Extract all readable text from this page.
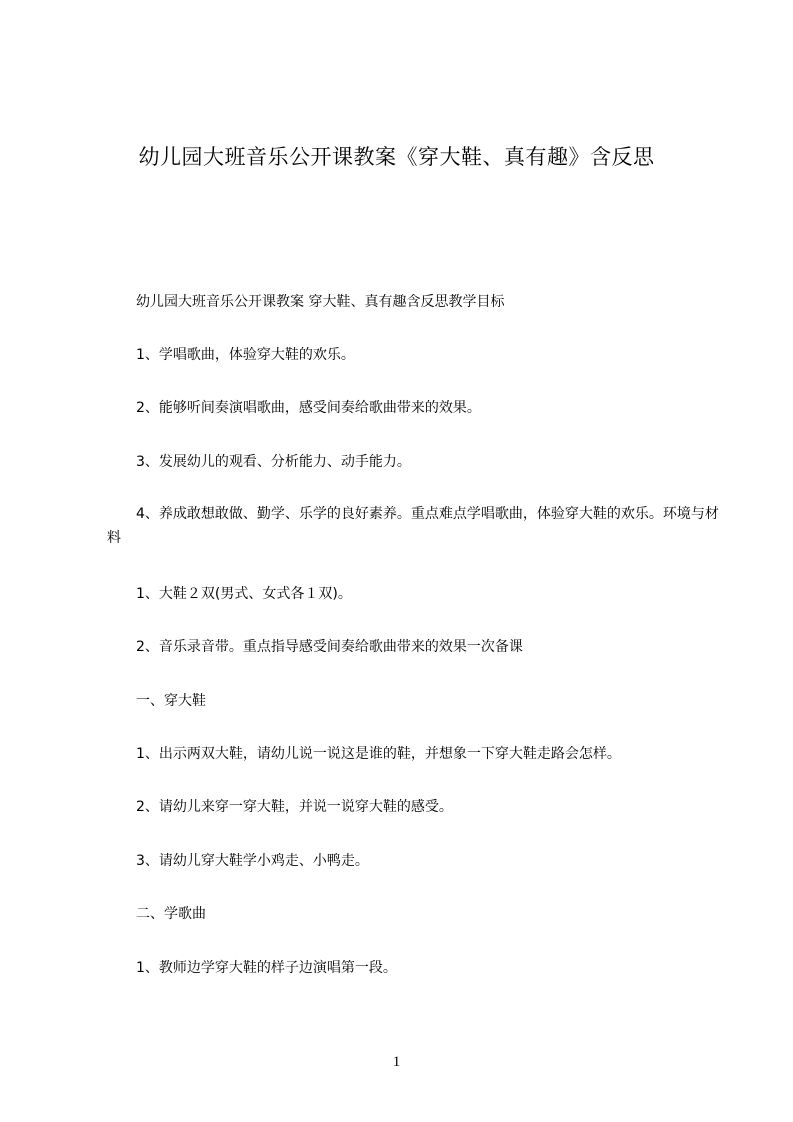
幼儿园大班音乐公开课教案《穿大鞋、真有趣》含反思
幼儿园大班音乐公开课教案 穿大鞋、真有趣含反思教学目标
1、学唱歌曲，体验穿大鞋的欢乐。
2、能够听间奏演唱歌曲，感受间奏给歌曲带来的效果。
3、发展幼儿的观看、分析能力、动手能力。
4、养成敢想敢做、勤学、乐学的良好素养。重点难点学唱歌曲，体验穿大鞋的欢乐。环境与材料
1、大鞋２双(男式、女式各１双)。
2、音乐录音带。重点指导感受间奏给歌曲带来的效果一次备课
一、穿大鞋
1、出示两双大鞋，请幼儿说一说这是谁的鞋，并想象一下穿大鞋走路会怎样。
2、请幼儿来穿一穿大鞋，并说一说穿大鞋的感受。
3、请幼儿穿大鞋学小鸡走、小鸭走。
二、学歌曲
1、教师边学穿大鞋的样子边演唱第一段。
1
